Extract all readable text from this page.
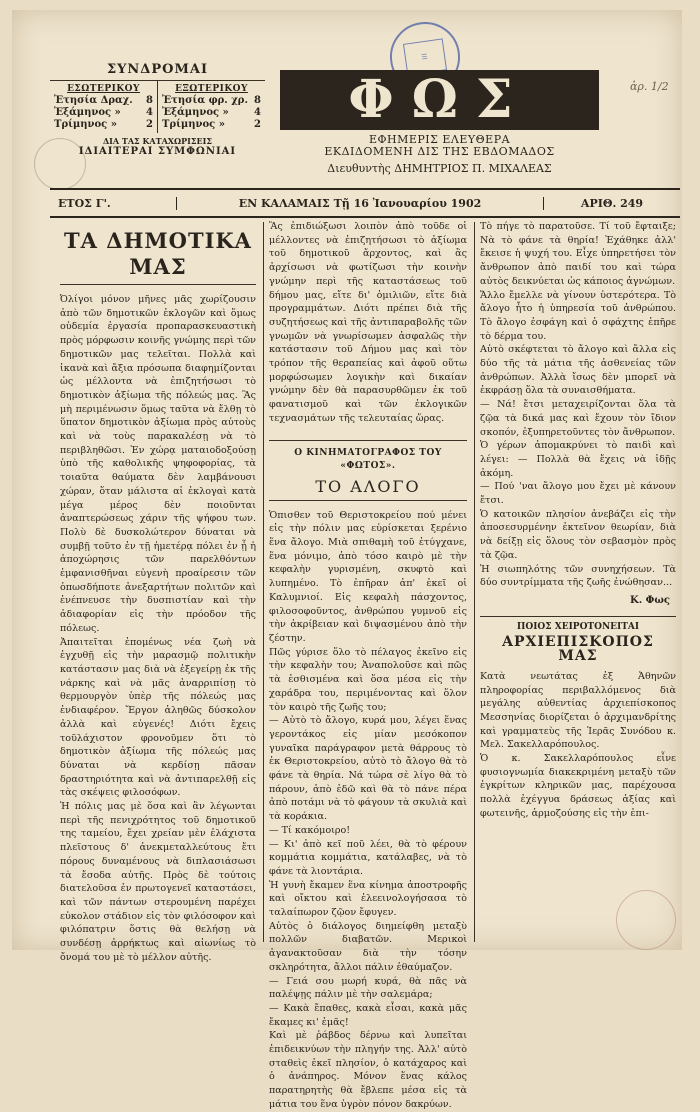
☰
ἀρ. 1/2
ΣΥΝΔΡΟΜΑΙ
ΕΣΩΤΕΡΙΚΟΥ
Ἐτησία Δραχ. 8
Ἐξάμηνος »	4
Τρίμηνος »	2
ΕΞΩΤΕΡΙΚΟΥ
Ἐτησία φρ. χρ. 8
Ἐξάμηνος »	4
Τρίμηνος »	2
ΔΙΑ ΤΑΣ ΚΑΤΑΧΩΡΙΣΕΙΣ
ΙΔΙΑΙΤΕΡΑΙ ΣΥΜΦΩΝΙΑΙ
ΦΩΣ
ΕΦΗΜΕΡΙΣ ΕΛΕΥΘΕΡΑ
ΕΚΔΙΔΟΜΕΝΗ ΔΙΣ ΤΗΣ ΕΒΔΟΜΑΔΟΣ
Διευθυντὴς ΔΗΜΗΤΡΙΟΣ Π. ΜΙΧΑΛΕΑΣ
ΕΤΟΣ Γ'.	ΕΝ ΚΑΛΑΜΑΙΣ Τῇ 16 Ἰανουαρίου 1902	ΑΡΙΘ. 249
ΤΑ ΔΗΜΟΤΙΚΑ ΜΑΣ

Ὀλίγοι μόνον μῆνες μᾶς χωρίζουσιν ἀπὸ τῶν δημοτικῶν ἐκλογῶν καὶ ὅμως οὐδεμία ἐργασία προπαρασκευαστικὴ πρὸς μόρφωσιν κοινῆς γνώμης περὶ τῶν δημοτικῶν μας τελεῖται. Πολλὰ καὶ ἱκανὰ καὶ ἄξια πρόσωπα διαφημίζονται ὡς μέλλοντα νὰ ἐπιζητήσωσι τὸ δημοτικὸν ἀξίωμα τῆς πόλεώς μας. Ἂς μὴ περιμένωσιν ὅμως ταῦτα νὰ ἔλθῃ τὸ ὕπατον δημοτικὸν ἀξίωμα πρὸς αὐτοὺς καὶ νὰ τοὺς παρακαλέσῃ νὰ τὸ περιβληθῶσι. Ἐν χώρᾳ ματαιοδοξούσῃ ὑπὸ τῆς καθολικῆς ψηφοφορίας, τὰ τοιαῦτα θαύματα δὲν λαμβάνουσι χώραν, ὅταν μάλιστα αἱ ἐκλογαὶ κατὰ μέγα μέρος δὲν ποιοῦνται ἀναπτερώσεως χάριν τῆς ψήφου των. Πολὺ δὲ δυσκολώτερον δύναται νὰ συμβῇ τοῦτο ἐν τῇ ἡμετέρᾳ πόλει ἐν ᾗ ἡ ἀποχώρησις τῶν παρελθόντων ἐμφανισθῆναι εὐγενὴ προαίρεσιν τῶν ὁπωσδήποτε ἀνεξαρτήτων πολιτῶν καὶ ἐνέπνευσε τὴν δυσπιστίαν καὶ τὴν ἀδιαφορίαν εἰς τὴν πρόοδον τῆς πόλεως.

Ἀπαιτεῖται ἑπομένως νέα ζωὴ νὰ ἐγχυθῇ εἰς τὴν μαρασμῷ πολιτικὴν κατάστασιν μας διὰ νὰ ἐξεγείρῃ ἐκ τῆς νάρκης καὶ νὰ μᾶς ἀναρριπίσῃ τὸ θερμουργὸν ὑπὲρ τῆς πόλεώς μας ἐνδιαφέρον. Ἔργον ἀληθῶς δύσκολον ἀλλὰ καὶ εὐγενές! Διότι ἔχεις τοῦλάχιστον φρονοῦμεν ὅτι τὸ δημοτικὸν ἀξίωμα τῆς πόλεώς μας δύναται νὰ κερδίσῃ πᾶσαν δραστηριότητα καὶ νὰ ἀντιπαρελθῇ εἰς τὰς σκέψεις φιλοσόφων.

Ἡ πόλις μας μὲ ὅσα καὶ ἂν λέγωνται περὶ τῆς πενιχρότητος τοῦ δημοτικοῦ της ταμείου, ἔχει χρείαν μὲν ἐλάχιστα πλεῖστους δ' ἀνεκμεταλλεύτους ἔτι πόρους δυναμένους νὰ διπλασιάσωσι τὰ ἔσοδα αὐτῆς. Πρὸς δὲ τούτοις διατελοῦσα ἐν πρωτογενεῖ καταστάσει, καὶ τῶν πάντων στερουμένη παρέχει εὐκολον στάδιον εἰς τὸν φιλόσοφον καὶ φιλόπατριν ὅστις θὰ θελήσῃ νὰ συνδέσῃ ἀρρήκτως καὶ αἰωνίως τὸ ὄνομά του μὲ τὸ μέλλον αὐτῆς.

Ἂς ἐπιδιώξωσι λοιπὸν ἀπὸ τοῦδε οἱ μέλλοντες νὰ ἐπιζητήσωσι τὸ ἀξίωμα τοῦ δημοτικοῦ ἄρχοντος, καὶ ἂς ἀρχίσωσι νὰ φωτίζωσι τὴν κοινὴν γνώμην περὶ τῆς καταστάσεως τοῦ δήμου μας, εἴτε δι' ὁμιλιῶν, εἴτε διὰ προγραμμάτων. Διότι πρέπει διὰ τῆς συζητήσεως καὶ τῆς ἀντιπαραβολῆς τῶν γνωμῶν νὰ γνωρίσωμεν ἀσφαλῶς τὴν κατάστασιν τοῦ Δήμου μας καὶ τὸν τρόπον τῆς θεραπείας καὶ ἀφοῦ οὕτω μορφώσωμεν λογικὴν καὶ δικαίαν γνώμην δὲν θὰ παρασυρθῶμεν ἐκ τοῦ φανατισμοῦ καὶ τῶν ἐκλογικῶν τεχνασμάτων τῆς τελευταίας ὥρας.

Ο ΚΙΝΗΜΑΤΟΓΡΑΦΟΣ ΤΟΥ «ΦΩΤΟΣ».
ΤΟ ΑΛΟΓΟ

Ὁπισθεν τοῦ Θεριστοκρείου πού μένει εἰς τὴν πόλιν μας εὑρίσκεται ξερένιο ἕνα ἄλογο. Μιὰ σπιθαμὴ τοῦ ἐτύγχανε, ἕνα μόνιμο, ἀπὸ τόσο καιρὸ μὲ τὴν κεφαλὴν γυρισμένη, σκυφτὸ καὶ λυπημένο. Τὸ ἐπῆραν ἀπ' ἐκεῖ οἱ Καλυμνιοί. Εἰς κεφαλὴ πάσχοντος, φιλοσοφοῦντος, ἀνθρώπου γυμνοῦ εἰς τὴν ἀκρίβειαν καὶ διψασμένου ἀπὸ τὴν ζέστην.

Πῶς γύρισε ὅλο τὸ πέλαγος ἐκεῖνο εἰς τὴν κεφαλὴν του; Ἀναπολοῦσε καὶ πῶς τὰ ἐσθισμένα καὶ ὅσα μέσα εἰς τὴν χαράδρα του, περιμένοντας καὶ ὅλον τὸν καιρὸ τῆς ζωῆς του;

— Αὐτὸ τὸ ἄλογο, κυρά μου, λέγει ἕνας γεροντάκος εἰς μίαν μεσόκοπον γυναῖκα παράγραφον μετὰ θάρρους τὸ ἐκ Θεριστοκρείου, αὐτὸ τὸ ἄλογο θὰ τὸ φάνε τὰ θηρία. Νά τώρα σὲ λίγο θὰ τὸ πάρουν, ἀπὸ ἐδῶ καὶ θὰ τὸ πάνε πέρα ἀπὸ ποτάμι νὰ τὸ φάγουν τὰ σκυλιὰ καὶ τὰ κοράκια.

— Τί κακόμοιρο!

— Κι' ἀπὸ κεῖ ποῦ λέει, θὰ τὸ φέρουν κομμάτια κομμάτια, κατάλαβες, νὰ τὸ φάνε τὰ λιοντάρια.

Ἡ γυνὴ ἔκαμεν ἕνα κίνημα ἀποστροφῆς καὶ οἴκτου καὶ ἐλεεινολογήσασα τὸ ταλαίπωρον ζῷον ἔφυγεν.

Αὐτὸς ὁ διάλογος διημείφθη μεταξὺ πολλῶν διαβατῶν. Μερικοὶ ἀγανακτοῦσαν διὰ τὴν τόσην σκληρότητα, ἄλλοι πάλιν ἐθαύμαζον.

— Γειά σου μωρή κυρά, θὰ πᾶς νὰ παλέψῃς πάλιν μὲ τὴν σαλεμάρα;

— Κακὰ ἔπαθες, κακὰ εἶσαι, κακὰ μᾶς ἔκαμες κι' ἐμᾶς!

Καὶ μὲ ῥάβδος δέρνω καὶ λυπεῖται ἐπιδεικνύων τὴν πληγήν της. Ἀλλ' αὐτὸ σταθεὶς ἐκεῖ πλησίον, ὁ κατάχαρος καὶ ὁ ἀνάπηρος. Μόνον ἕνας κάλος παρατηρητὴς θὰ ἔβλεπε μέσα εἰς τὰ μάτια του ἕνα ὑγρὸν πόνον δακρύων.

Τὸ πήγε τὸ παρατοῦσε. Τί τοῦ ἔφταιξε; Νὰ τὸ φάνε τὰ θηρία! Ἐχάθηκε ἀλλ' ἔκεισε ἡ ψυχή του. Εἶχε ὑπηρετήσει τὸν ἄνθρωπον ἀπὸ παιδί του καὶ τώρα αὐτὸς δεικνύεται ὡς κάποιος ἀγνώμων.

Ἄλλο ἔμελλε νὰ γίνουν ὑστερότερα. Τὸ ἄλογο ἦτο ἡ ὑπηρεσία τοῦ ἀνθρώπου. Τὸ ἄλογο ἐσφάγη καὶ ὁ σφάχτης ἐπῆρε τὸ δέρμα του.

Αὐτὸ σκέφτεται τὸ ἄλογο καὶ ἄλλα εἰς δύο τῆς τὰ μάτια τῆς ἀσθενείας τῶν ἀνθρώπων. Ἀλλὰ ἴσως δὲν μπορεῖ νὰ ἐκφράσῃ ὅλα τὰ συναισθήματα.

— Νά! ἔτσι μεταχειρίζονται ὅλα τὰ ζῷα τὰ δικά μας καὶ ἔχουν τὸν ἴδιον σκοπόν, ἐξυπηρετοῦντες τὸν ἄνθρωπον.

Ὁ γέρων ἀπομακρύνει τὸ παιδὶ καὶ λέγει: — Πολλὰ θὰ ἔχεις νὰ ἰδῇς ἀκόμη.

— Πού 'ναι ἄλογο μου ἔχει μὲ κάνουν ἔτσι.

Ὁ κατοικῶν πλησίον ἀνεβάζει εἰς τὴν ἀποσεσυρμένην ἐκτεῖνον θεωρίαν, διὰ νὰ δείξῃ εἰς ὅλους τὸν σεβασμὸν πρὸς τὰ ζῷα.

Ἡ σιωπηλότης τῶν συνηχήσεων. Τὰ δύο συντρίμματα τῆς ζωῆς ἐνώθησαν...

Κ. Φως
ΠΟΙΟΣ ΧΕΙΡΟΤΟΝΕΙΤΑΙ
ΑΡΧΙΕΠΙΣΚΟΠΟΣ ΜΑΣ

Κατὰ νεωτάτας ἐξ Ἀθηνῶν πληροφορίας περιβαλλόμενος διὰ μεγάλης αὐθεντίας ἀρχιεπίσκοπος Μεσσηνίας διορίζεται ὁ ἀρχιμανδρίτης καὶ γραμματεὺς τῆς Ἱερᾶς Συνόδου κ. Μελ. Σακελλαρόπουλος.

Ὁ κ. Σακελλαρόπουλος εἶνε φυσιογνωμία διακεκριμένη μεταξὺ τῶν ἐγκρίτων κληρικῶν μας, παρέχουσα πολλὰ ἐχέγγυα δράσεως ἀξίας καὶ φωτεινῆς, ἁρμοζούσης εἰς τὴν ἐπι-
